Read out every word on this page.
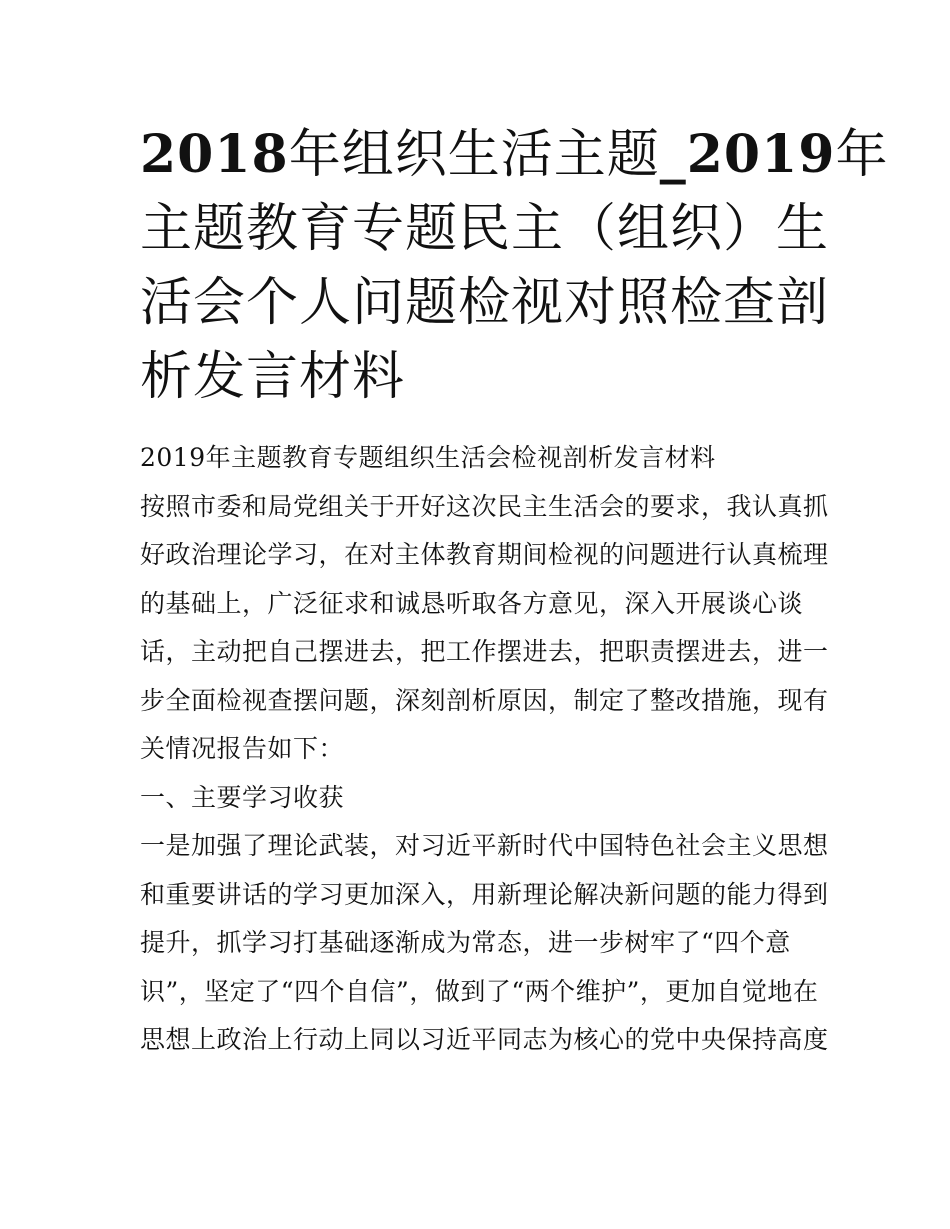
2018年组织生活主题_2019年
主题教育专题民主（组织）生
活会个人问题检视对照检查剖
析发言材料
2019年主题教育专题组织生活会检视剖析发言材料
按照市委和局党组关于开好这次民主生活会的要求，我认真抓
好政治理论学习，在对主体教育期间检视的问题进行认真梳理
的基础上，广泛征求和诚恳听取各方意见，深入开展谈心谈
话，主动把自己摆进去，把工作摆进去，把职责摆进去，进一
步全面检视查摆问题，深刻剖析原因，制定了整改措施，现有
关情况报告如下：
一、主要学习收获
一是加强了理论武装，对习近平新时代中国特色社会主义思想
和重要讲话的学习更加深入，用新理论解决新问题的能力得到
提升，抓学习打基础逐渐成为常态，进一步树牢了“四个意
识”，坚定了“四个自信”，做到了“两个维护”，更加自觉地在
思想上政治上行动上同以习近平同志为核心的党中央保持高度
